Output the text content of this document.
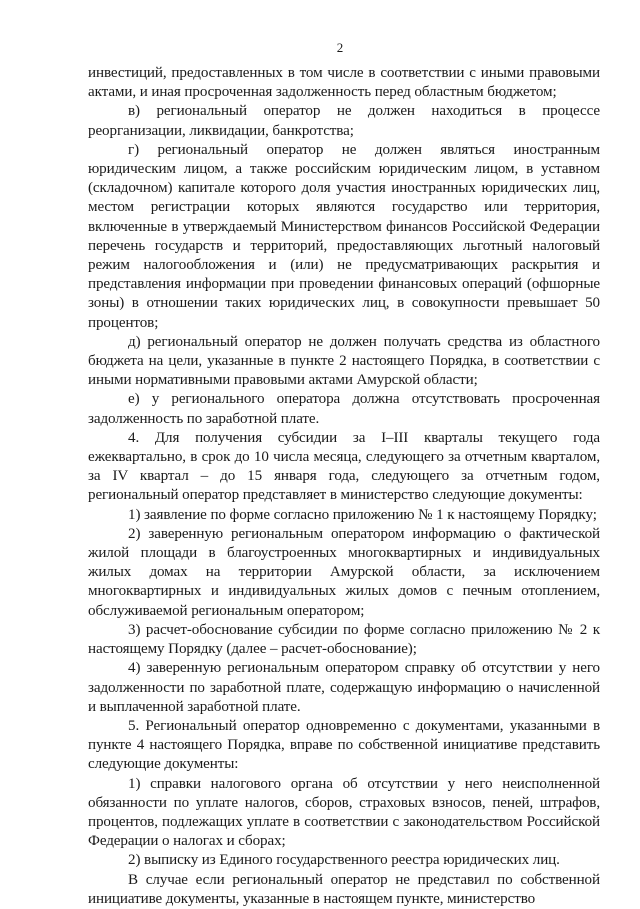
2

инвестиций, предоставленных в том числе в соответствии с иными правовыми актами, и иная просроченная задолженность перед областным бюджетом;

в) региональный оператор не должен находиться в процессе реорганизации, ликвидации, банкротства;

г) региональный оператор не должен являться иностранным юридическим лицом, а также российским юридическим лицом, в уставном (складочном) капитале которого доля участия иностранных юридических лиц, местом регистрации которых являются государство или территория, включенные в утверждаемый Министерством финансов Российской Федерации перечень государств и территорий, предоставляющих льготный налоговый режим налогообложения и (или) не предусматривающих раскрытия и представления информации при проведении финансовых операций (офшорные зоны) в отношении таких юридических лиц, в совокупности превышает 50 процентов;

д) региональный оператор не должен получать средства из областного бюджета на цели, указанные в пункте 2 настоящего Порядка, в соответствии с иными нормативными правовыми актами Амурской области;

е) у регионального оператора должна отсутствовать просроченная задолженность по заработной плате.

4. Для получения субсидии за I–III кварталы текущего года ежеквартально, в срок до 10 числа месяца, следующего за отчетным кварталом, за IV квартал – до 15 января года, следующего за отчетным годом, региональный оператор представляет в министерство следующие документы:

1) заявление по форме согласно приложению № 1 к настоящему Порядку;

2) заверенную региональным оператором информацию о фактической жилой площади в благоустроенных многоквартирных и индивидуальных жилых домах на территории Амурской области, за исключением многоквартирных и индивидуальных жилых домов с печным отоплением, обслуживаемой региональным оператором;

3) расчет-обоснование субсидии по форме согласно приложению № 2 к настоящему Порядку (далее – расчет-обоснование);

4) заверенную региональным оператором справку об отсутствии у него задолженности по заработной плате, содержащую информацию о начисленной и выплаченной заработной плате.

5. Региональный оператор одновременно с документами, указанными в пункте 4 настоящего Порядка, вправе по собственной инициативе представить следующие документы:

1) справки налогового органа об отсутствии у него неисполненной обязанности по уплате налогов, сборов, страховых взносов, пеней, штрафов, процентов, подлежащих уплате в соответствии с законодательством Российской Федерации о налогах и сборах;

2) выписку из Единого государственного реестра юридических лиц.

В случае если региональный оператор не представил по собственной инициативе документы, указанные в настоящем пункте, министерство
